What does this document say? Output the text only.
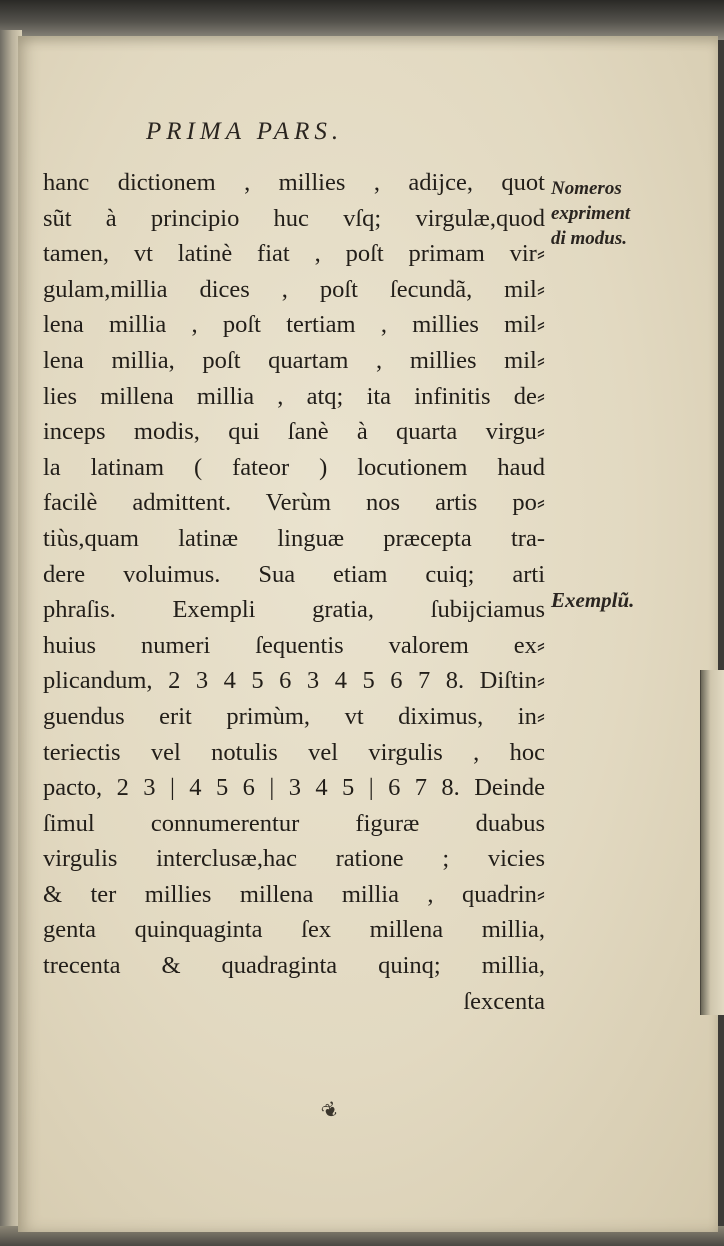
PRIMA PARS.
hanc dictionem , millies , adijce, quot
sũt à principio huc vſq; virgulæ,quod
tamen, vt latinè fiat , poſt primam vir⸗
gulam,millia dices , poſt ſecundã, mil⸗
lena millia , poſt tertiam , millies mil⸗
lena millia, poſt quartam , millies mil⸗
lies millena millia , atq; ita infinitis de⸗
inceps modis, qui ſanè à quarta virgu⸗
la latinam ( fateor ) locutionem haud
facilè admittent. Verùm nos artis po⸗
tiùs,quam latinæ linguæ præcepta tra-
dere voluimus. Sua etiam cuiq; arti
phraſis. Exempli gratia, ſubijciamus
huius numeri ſequentis valorem ex⸗
plicandum, 2 3 4 5 6 3 4 5 6 7 8. Diſtin⸗
guendus erit primùm, vt diximus, in⸗
teriectis vel notulis vel virgulis , hoc
pacto, 2 3 | 4 5 6 | 3 4 5 | 6 7 8. Deinde
ſimul connumerentur figuræ duabus
virgulis interclusæ,hac ratione ; vicies
& ter millies millena millia , quadrin⸗
genta quinquaginta ſex millena millia,
trecenta & quadraginta quinq; millia,
ſexcenta
Nomeros
expriment
di modus.
Exemplũ.
❦
